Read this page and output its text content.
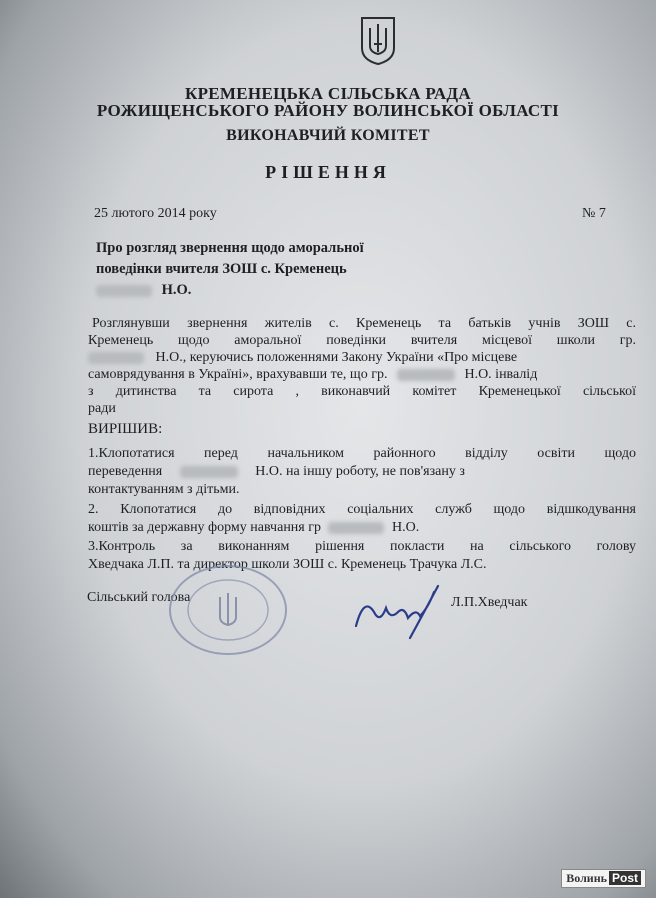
КРЕМЕНЕЦЬКА СІЛЬСЬКА РАДА
РОЖИЩЕНСЬКОГО РАЙОНУ ВОЛИНСЬКОЇ ОБЛАСТІ
ВИКОНАВЧИЙ КОМІТЕТ
РІШЕННЯ
25 лютого 2014 року	№ 7
Про розгляд звернення щодо аморальної
поведінки вчителя ЗОШ с. Кременець
Н.О.
Розглянувши звернення жителів с. Кременець та батьків учнів ЗОШ с.
Кременець щодо аморальної поведінки вчителя місцевої школи гр.
Н.О., керуючись положеннями Закону України «Про місцеве
самоврядування в Україні», врахувавши те, що гр.	Н.О. інвалід
з дитинства та сирота , виконавчий комітет Кременецької сільської
ради
ВИРІШИВ:
1.Клопотатися перед начальником районного відділу освіти щодо
переведення	Н.О. на іншу роботу, не пов'язану з
контактуванням з дітьми.
2. Клопотатися до відповідних соціальних служб щодо відшкодування
коштів за державну форму навчання гр	Н.О.
3.Контроль за виконанням рішення покласти на сільського голову
Хведчака Л.П. та директор школи ЗОШ с. Кременець Трачука Л.С.
Сільський голова	Л.П.Хведчак
Волинь Post
